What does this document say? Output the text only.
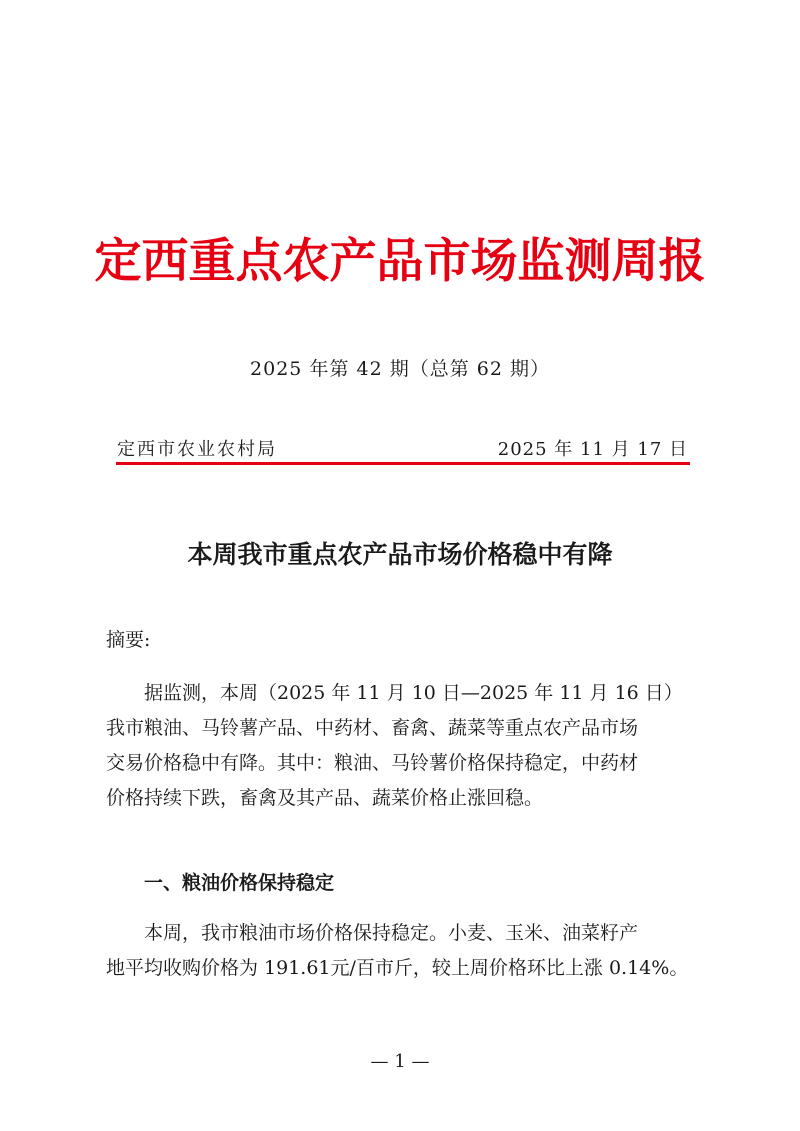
定西重点农产品市场监测周报
2025 年第 42 期（总第 62 期）
定西市农业农村局	2025 年 11 月 17 日
本周我市重点农产品市场价格稳中有降
摘要:
据监测，本周（2025 年 11 月 10 日—2025 年 11 月 16 日）
我市粮油、马铃薯产品、中药材、畜禽、蔬菜等重点农产品市场
交易价格稳中有降。其中：粮油、马铃薯价格保持稳定，中药材
价格持续下跌，畜禽及其产品、蔬菜价格止涨回稳。
一、粮油价格保持稳定
本周，我市粮油市场价格保持稳定。小麦、玉米、油菜籽产
地平均收购价格为 191.61元/百市斤，较上周价格环比上涨 0.14%。
— 1 —
